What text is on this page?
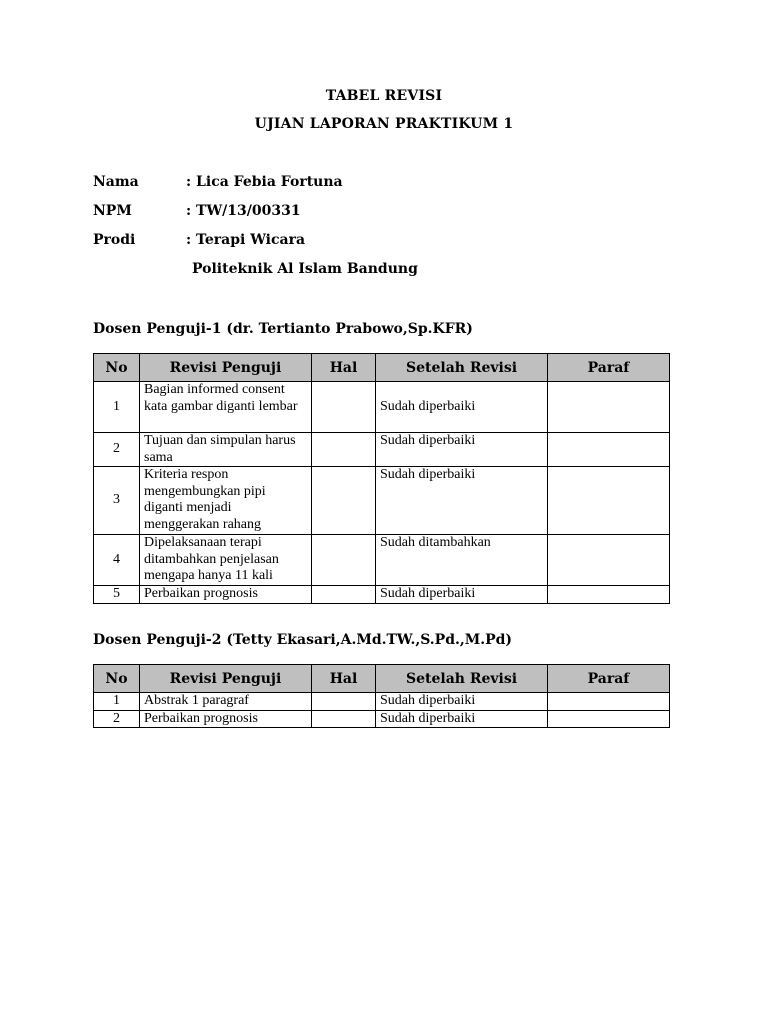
TABEL REVISI
UJIAN LAPORAN PRAKTIKUM 1
Nama	: Lica Febia Fortuna
NPM	: TW/13/00331
Prodi	: Terapi Wicara
Politeknik Al Islam Bandung
Dosen Penguji-1 (dr. Tertianto Prabowo,Sp.KFR)
No	Revisi Penguji	Hal	Setelah Revisi	Paraf
1	Bagian informed consent kata gambar diganti lembar		Sudah diperbaiki	
2	Tujuan dan simpulan harus sama		Sudah diperbaiki	
3	Kriteria respon mengembungkan pipi diganti menjadi menggerakan rahang		Sudah diperbaiki	
4	Dipelaksanaan terapi ditambahkan penjelasan mengapa hanya 11 kali		Sudah ditambahkan	
5	Perbaikan prognosis		Sudah diperbaiki	
Dosen Penguji-2 (Tetty Ekasari,A.Md.TW.,S.Pd.,M.Pd)
No	Revisi Penguji	Hal	Setelah Revisi	Paraf
1	Abstrak 1 paragraf		Sudah diperbaiki	
2	Perbaikan prognosis		Sudah diperbaiki	
